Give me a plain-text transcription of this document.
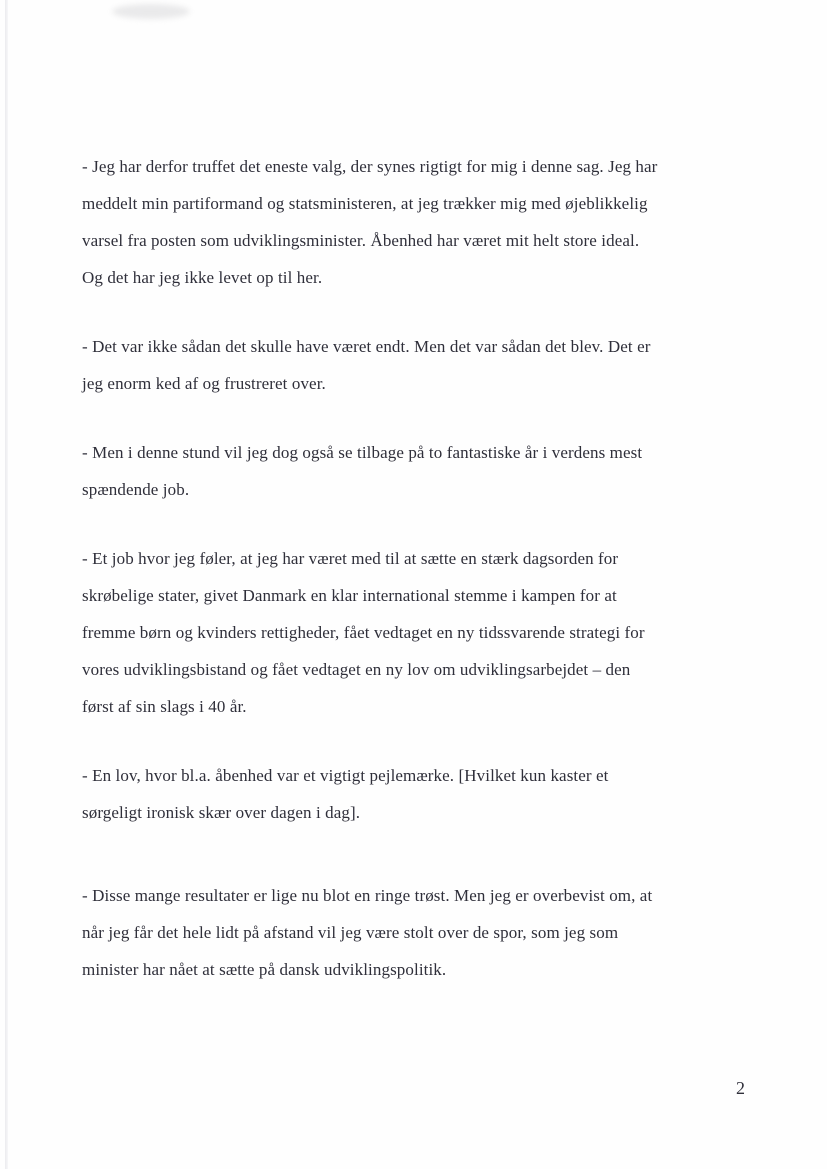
- Jeg har derfor truffet det eneste valg, der synes rigtigt for mig i denne sag. Jeg har
meddelt min partiformand og statsministeren, at jeg trækker mig med øjeblikkelig
varsel fra posten som udviklingsminister. Åbenhed har været mit helt store ideal.
Og det har jeg ikke levet op til her.
- Det var ikke sådan det skulle have været endt. Men det var sådan det blev. Det er
jeg enorm ked af og frustreret over.
- Men i denne stund vil jeg dog også se tilbage på to fantastiske år i verdens mest
spændende job.
- Et job hvor jeg føler, at jeg har været med til at sætte en stærk dagsorden for
skrøbelige stater, givet Danmark en klar international stemme i kampen for at
fremme børn og kvinders rettigheder, fået vedtaget en ny tidssvarende strategi for
vores udviklingsbistand og fået vedtaget en ny lov om udviklingsarbejdet – den
først af sin slags i 40 år.
- En lov, hvor bl.a. åbenhed var et vigtigt pejlemærke. [Hvilket kun kaster et
sørgeligt ironisk skær over dagen i dag].
- Disse mange resultater er lige nu blot en ringe trøst. Men jeg er overbevist om, at
når jeg får det hele lidt på afstand vil jeg være stolt over de spor, som jeg som
minister har nået at sætte på dansk udviklingspolitik.
2
